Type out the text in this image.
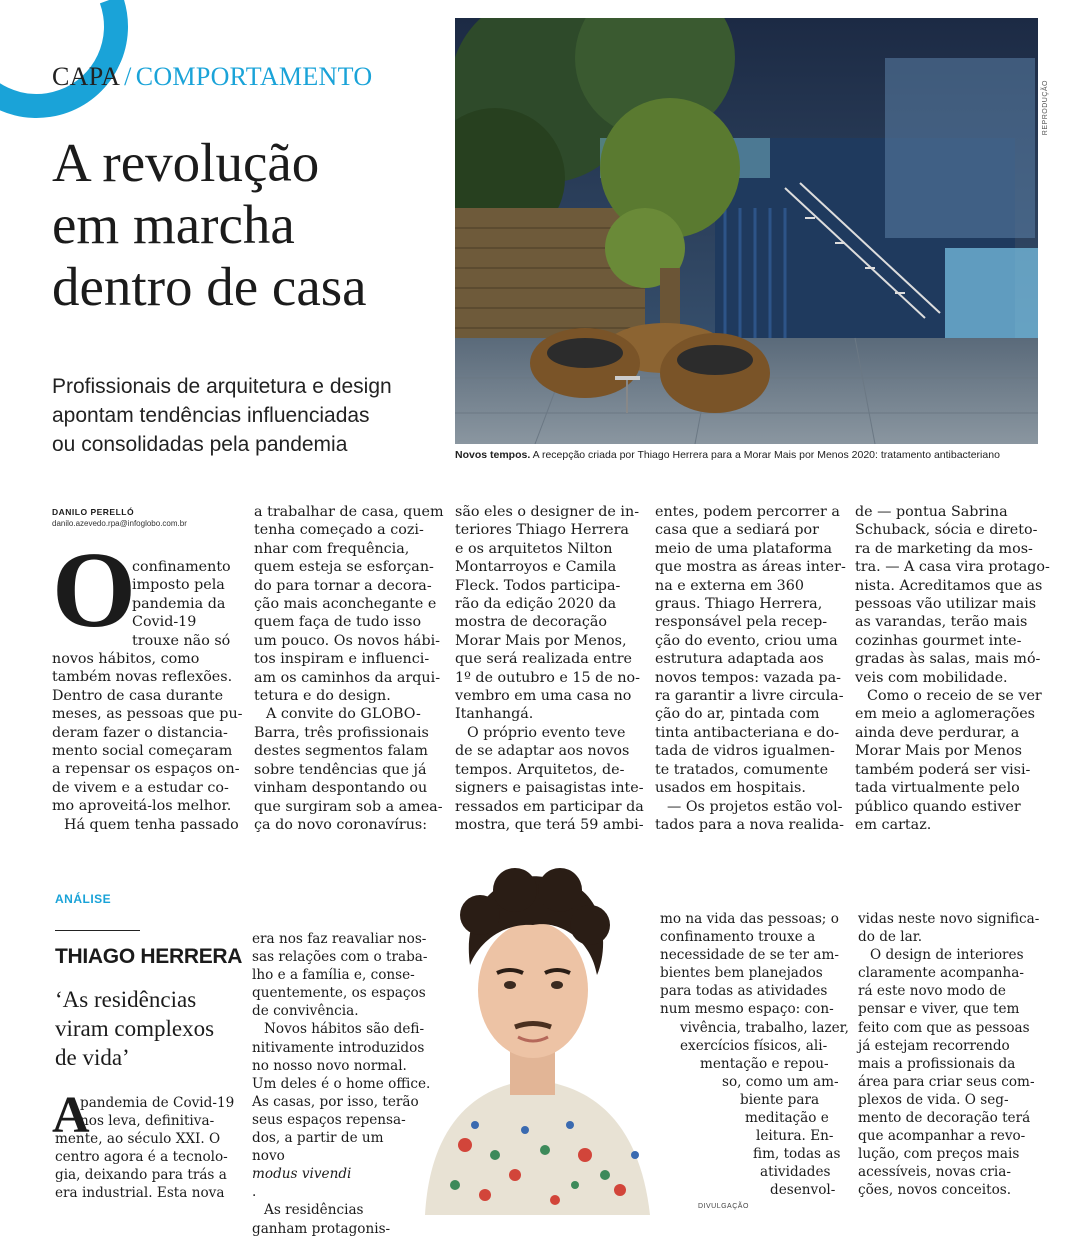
CAPA / COMPORTAMENTO
A revolução
em marcha
dentro de casa
Profissionais de arquitetura e design
apontam tendências influenciadas
ou consolidadas pela pandemia
REPRODUÇÃO
Novos tempos. A recepção criada por Thiago Herrera para a Morar Mais por Menos 2020: tratamento antibacteriano
DANILO PERELLÓ
danilo.azevedo.rpa@infoglobo.com.br
O
confinamento
imposto pela
pandemia da
Covid-19
trouxe não só
novos hábitos, como
também novas reflexões.
Dentro de casa durante
meses, as pessoas que pu-
deram fazer o distancia-
mento social começaram
a repensar os espaços on-
de vivem e a estudar co-
mo aproveitá-los melhor.
Há quem tenha passado
a trabalhar de casa, quem
tenha começado a cozi-
nhar com frequência,
quem esteja se esforçan-
do para tornar a decora-
ção mais aconchegante e
quem faça de tudo isso
um pouco. Os novos hábi-
tos inspiram e influenci-
am os caminhos da arqui-
tetura e do design.
A convite do GLOBO-
Barra, três profissionais
destes segmentos falam
sobre tendências que já
vinham despontando ou
que surgiram sob a amea-
ça do novo coronavírus:
são eles o designer de in-
teriores Thiago Herrera
e os arquitetos Nilton
Montarroyos e Camila
Fleck. Todos participa-
rão da edição 2020 da
mostra de decoração
Morar Mais por Menos,
que será realizada entre
1º de outubro e 15 de no-
vembro em uma casa no
Itanhangá.
O próprio evento teve
de se adaptar aos novos
tempos. Arquitetos, de-
signers e paisagistas inte-
ressados em participar da
mostra, que terá 59 ambi-
entes, podem percorrer a
casa que a sediará por
meio de uma plataforma
que mostra as áreas inter-
na e externa em 360
graus. Thiago Herrera,
responsável pela recep-
ção do evento, criou uma
estrutura adaptada aos
novos tempos: vazada pa-
ra garantir a livre circula-
ção do ar, pintada com
tinta antibacteriana e do-
tada de vidros igualmen-
te tratados, comumente
usados em hospitais.
— Os projetos estão vol-
tados para a nova realida-
de — pontua Sabrina
Schuback, sócia e direto-
ra de marketing da mos-
tra. — A casa vira protago-
nista. Acreditamos que as
pessoas vão utilizar mais
as varandas, terão mais
cozinhas gourmet inte-
gradas às salas, mais mó-
veis com mobilidade.
Como o receio de se ver
em meio a aglomerações
ainda deve perdurar, a
Morar Mais por Menos
também poderá ser visi-
tada virtualmente pelo
público quando estiver
em cartaz.
ANÁLISE
THIAGO HERRERA
‘As residências
viram complexos
de vida’
A
pandemia de Covid-19
nos leva, definitiva-
mente, ao século XXI. O
centro agora é a tecnolo-
gia, deixando para trás a
era industrial. Esta nova
era nos faz reavaliar nos-
sas relações com o traba-
lho e a família e, conse-
quentemente, os espaços
de convivência.
Novos hábitos são defi-
nitivamente introduzidos
no nosso novo normal.
Um deles é o home office.
As casas, por isso, terão
seus espaços repensa-
dos, a partir de um
novo
modus vivendi
.
As residências
ganham protagonis-
DIVULGAÇÃO
mo na vida das pessoas; o
confinamento trouxe a
necessidade de se ter am-
bientes bem planejados
para todas as atividades
num mesmo espaço: con-
vivência, trabalho, lazer,
exercícios físicos, ali-
mentação e repou-
so, como um am-
biente para
meditação e
leitura. En-
fim, todas as
atividades
desenvol-
vidas neste novo significa-
do de lar.
O design de interiores
claramente acompanha-
rá este novo modo de
pensar e viver, que tem
feito com que as pessoas
já estejam recorrendo
mais a profissionais da
área para criar seus com-
plexos de vida. O seg-
mento de decoração terá
que acompanhar a revo-
lução, com preços mais
acessíveis, novas cria-
ções, novos conceitos.
